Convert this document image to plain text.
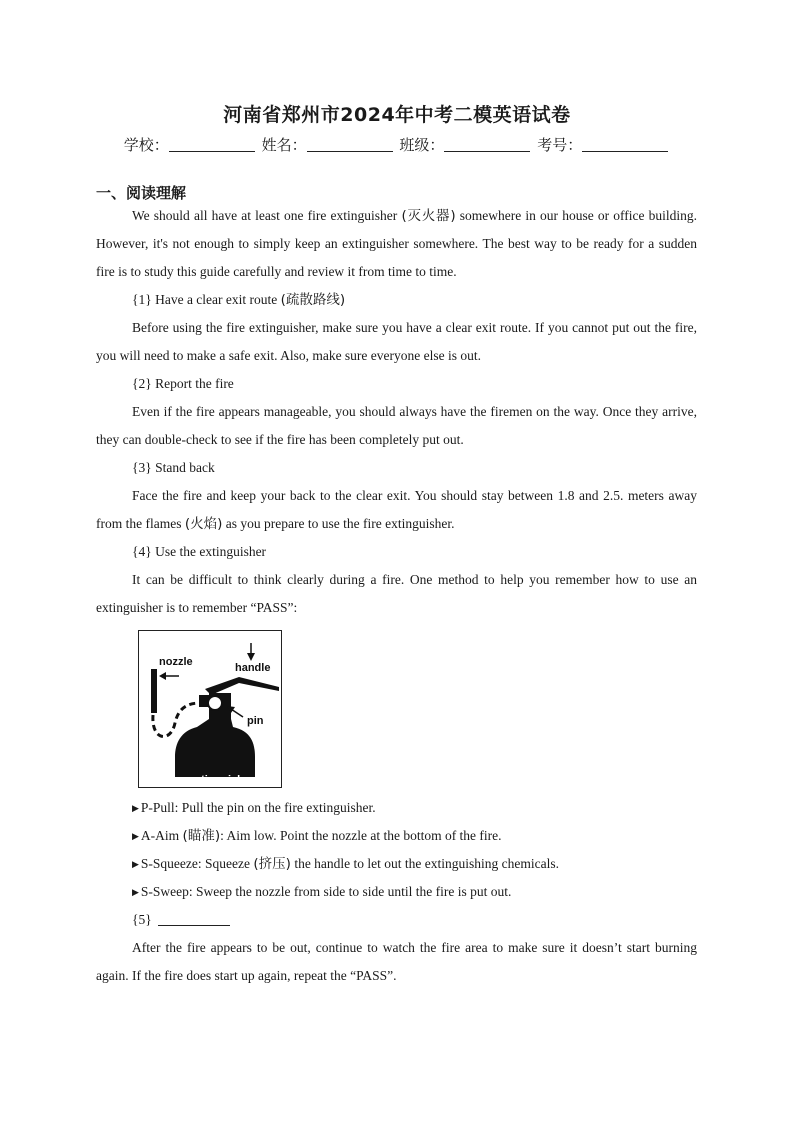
河南省郑州市2024年中考二模英语试卷
学校：	姓名：	班级：	考号：
一、阅读理解

We should all have at least one fire extinguisher (灭火器) somewhere in our house or office building. However, it's not enough to simply keep an extinguisher somewhere. The best way to be ready for a sudden fire is to study this guide carefully and review it from time to time.

{1} Have a clear exit route (疏散路线)

Before using the fire extinguisher, make sure you have a clear exit route. If you cannot put out the fire, you will need to make a safe exit. Also, make sure everyone else is out.

{2} Report the fire

Even if the fire appears manageable, you should always have the firemen on the way. Once they arrive, they can double-check to see if the fire has been completely put out.

{3} Stand back

Face the fire and keep your back to the clear exit. You should stay between 1.8 and 2.5. meters away from the flames (火焰) as you prepare to use the fire extinguisher.

{4} Use the extinguisher

It can be difficult to think clearly during a fire. One method to help you remember how to use an extinguisher is to remember “PASS”:

nozzle	handle
pin
an extinguisher

▶ P-Pull: Pull the pin on the fire extinguisher.

▶ A-Aim (瞄准): Aim low. Point the nozzle at the bottom of the fire.

▶ S-Squeeze: Squeeze (挤压) the handle to let out the extinguishing chemicals.

▶ S-Sweep: Sweep the nozzle from side to side until the fire is put out.

{5}

After the fire appears to be out, continue to watch the fire area to make sure it doesn’t start burning again. If the fire does start up again, repeat the “PASS”.
